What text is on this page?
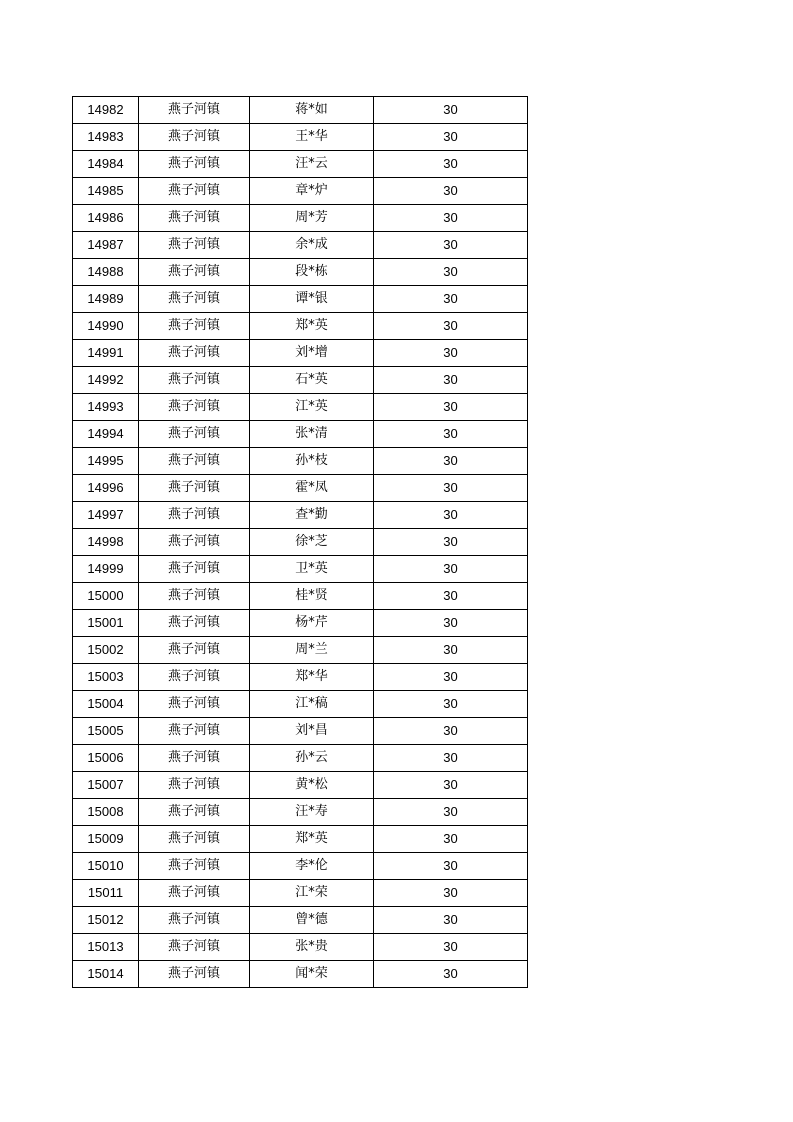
14982	燕子河镇	蒋*如	30
14983	燕子河镇	王*华	30
14984	燕子河镇	汪*云	30
14985	燕子河镇	章*炉	30
14986	燕子河镇	周*芳	30
14987	燕子河镇	余*成	30
14988	燕子河镇	段*栋	30
14989	燕子河镇	谭*银	30
14990	燕子河镇	郑*英	30
14991	燕子河镇	刘*增	30
14992	燕子河镇	石*英	30
14993	燕子河镇	江*英	30
14994	燕子河镇	张*清	30
14995	燕子河镇	孙*枝	30
14996	燕子河镇	霍*凤	30
14997	燕子河镇	查*勤	30
14998	燕子河镇	徐*芝	30
14999	燕子河镇	卫*英	30
15000	燕子河镇	桂*贤	30
15001	燕子河镇	杨*芹	30
15002	燕子河镇	周*兰	30
15003	燕子河镇	郑*华	30
15004	燕子河镇	江*稿	30
15005	燕子河镇	刘*昌	30
15006	燕子河镇	孙*云	30
15007	燕子河镇	黄*松	30
15008	燕子河镇	汪*寿	30
15009	燕子河镇	郑*英	30
15010	燕子河镇	李*伦	30
15011	燕子河镇	江*荣	30
15012	燕子河镇	曾*德	30
15013	燕子河镇	张*贵	30
15014	燕子河镇	闻*荣	30
